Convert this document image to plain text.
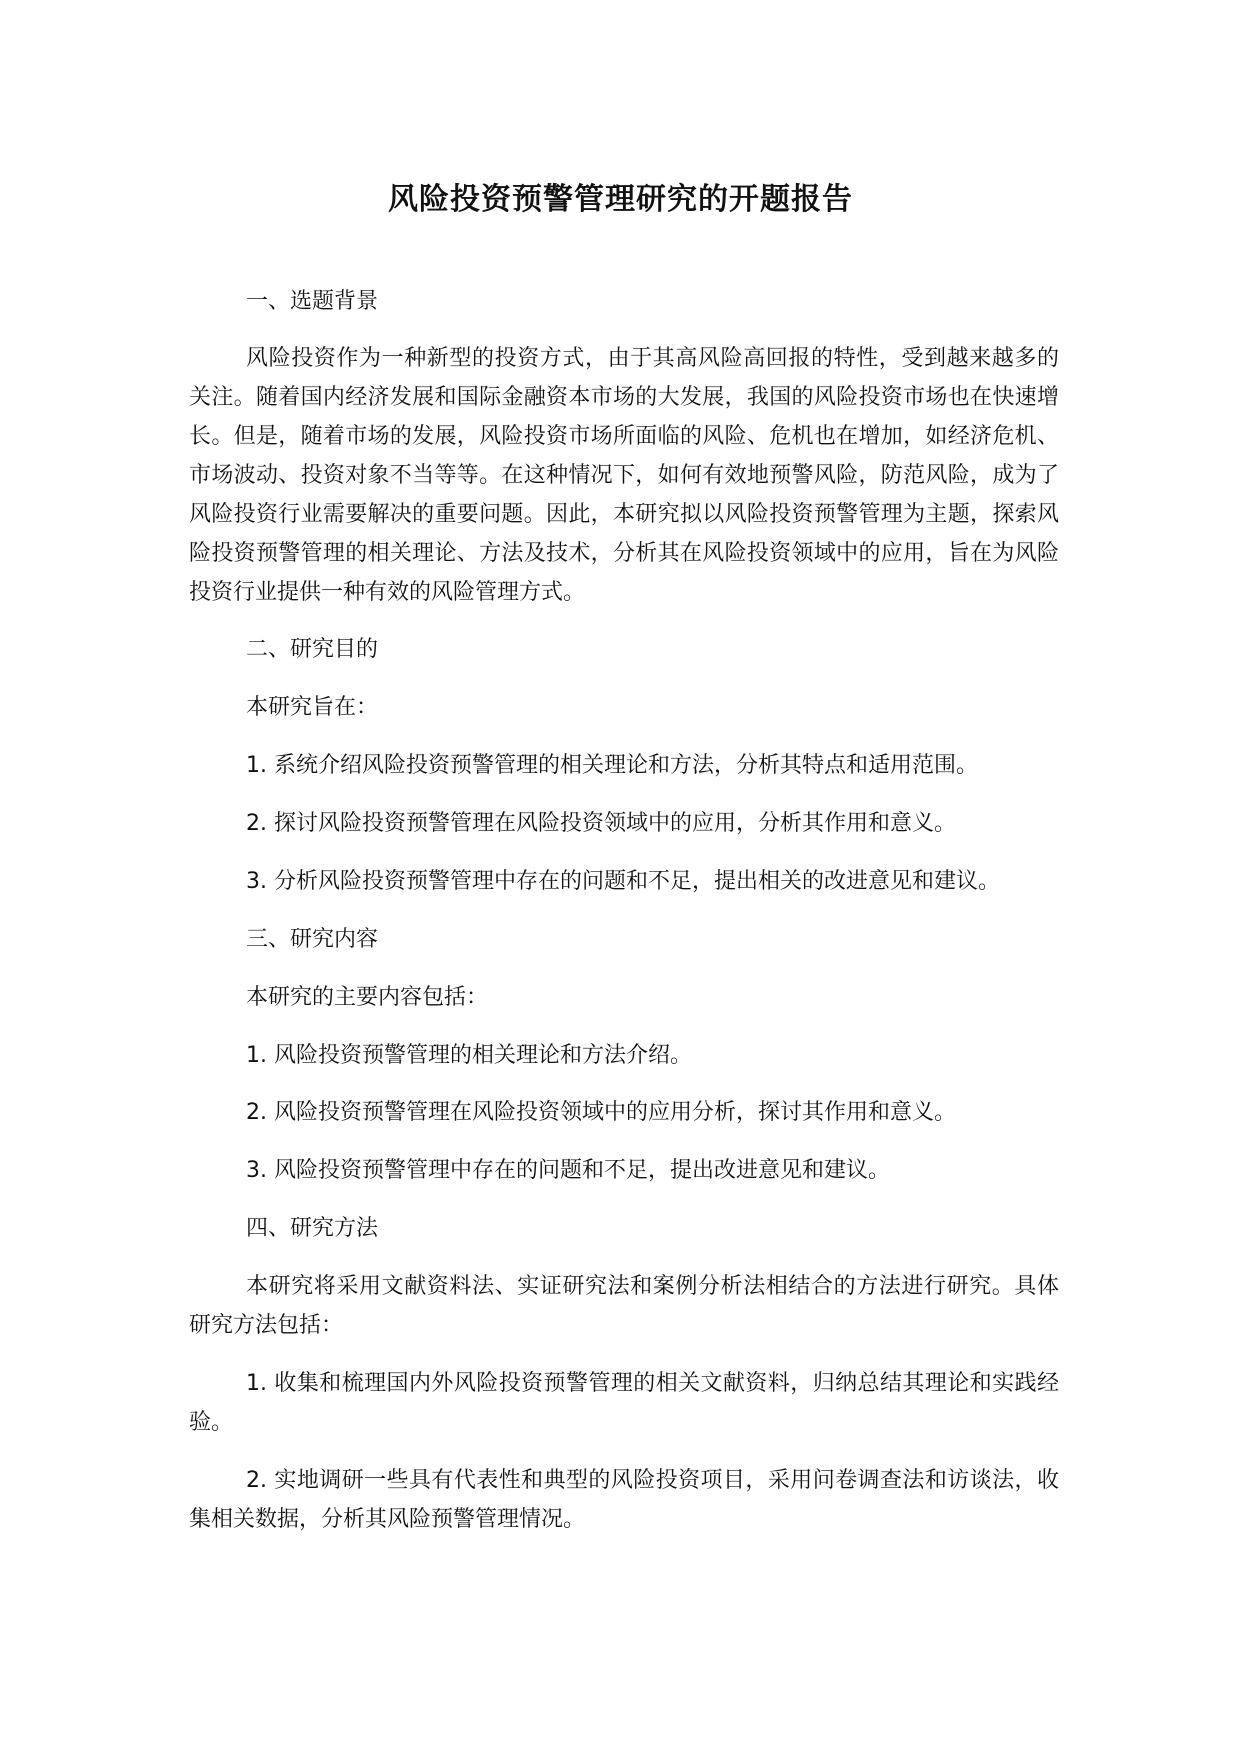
风险投资预警管理研究的开题报告

一、选题背景

风险投资作为一种新型的投资方式，由于其高风险高回报的特性，受到越来越多的关注。随着国内经济发展和国际金融资本市场的大发展，我国的风险投资市场也在快速增长。但是，随着市场的发展，风险投资市场所面临的风险、危机也在增加，如经济危机、市场波动、投资对象不当等等。在这种情况下，如何有效地预警风险，防范风险，成为了风险投资行业需要解决的重要问题。因此，本研究拟以风险投资预警管理为主题，探索风险投资预警管理的相关理论、方法及技术，分析其在风险投资领域中的应用，旨在为风险投资行业提供一种有效的风险管理方式。

二、研究目的

本研究旨在：

1. 系统介绍风险投资预警管理的相关理论和方法，分析其特点和适用范围。

2. 探讨风险投资预警管理在风险投资领域中的应用，分析其作用和意义。

3. 分析风险投资预警管理中存在的问题和不足，提出相关的改进意见和建议。

三、研究内容

本研究的主要内容包括：

1. 风险投资预警管理的相关理论和方法介绍。

2. 风险投资预警管理在风险投资领域中的应用分析，探讨其作用和意义。

3. 风险投资预警管理中存在的问题和不足，提出改进意见和建议。

四、研究方法

本研究将采用文献资料法、实证研究法和案例分析法相结合的方法进行研究。具体研究方法包括：

1. 收集和梳理国内外风险投资预警管理的相关文献资料，归纳总结其理论和实践经验。

2. 实地调研一些具有代表性和典型的风险投资项目，采用问卷调查法和访谈法，收集相关数据，分析其风险预警管理情况。
